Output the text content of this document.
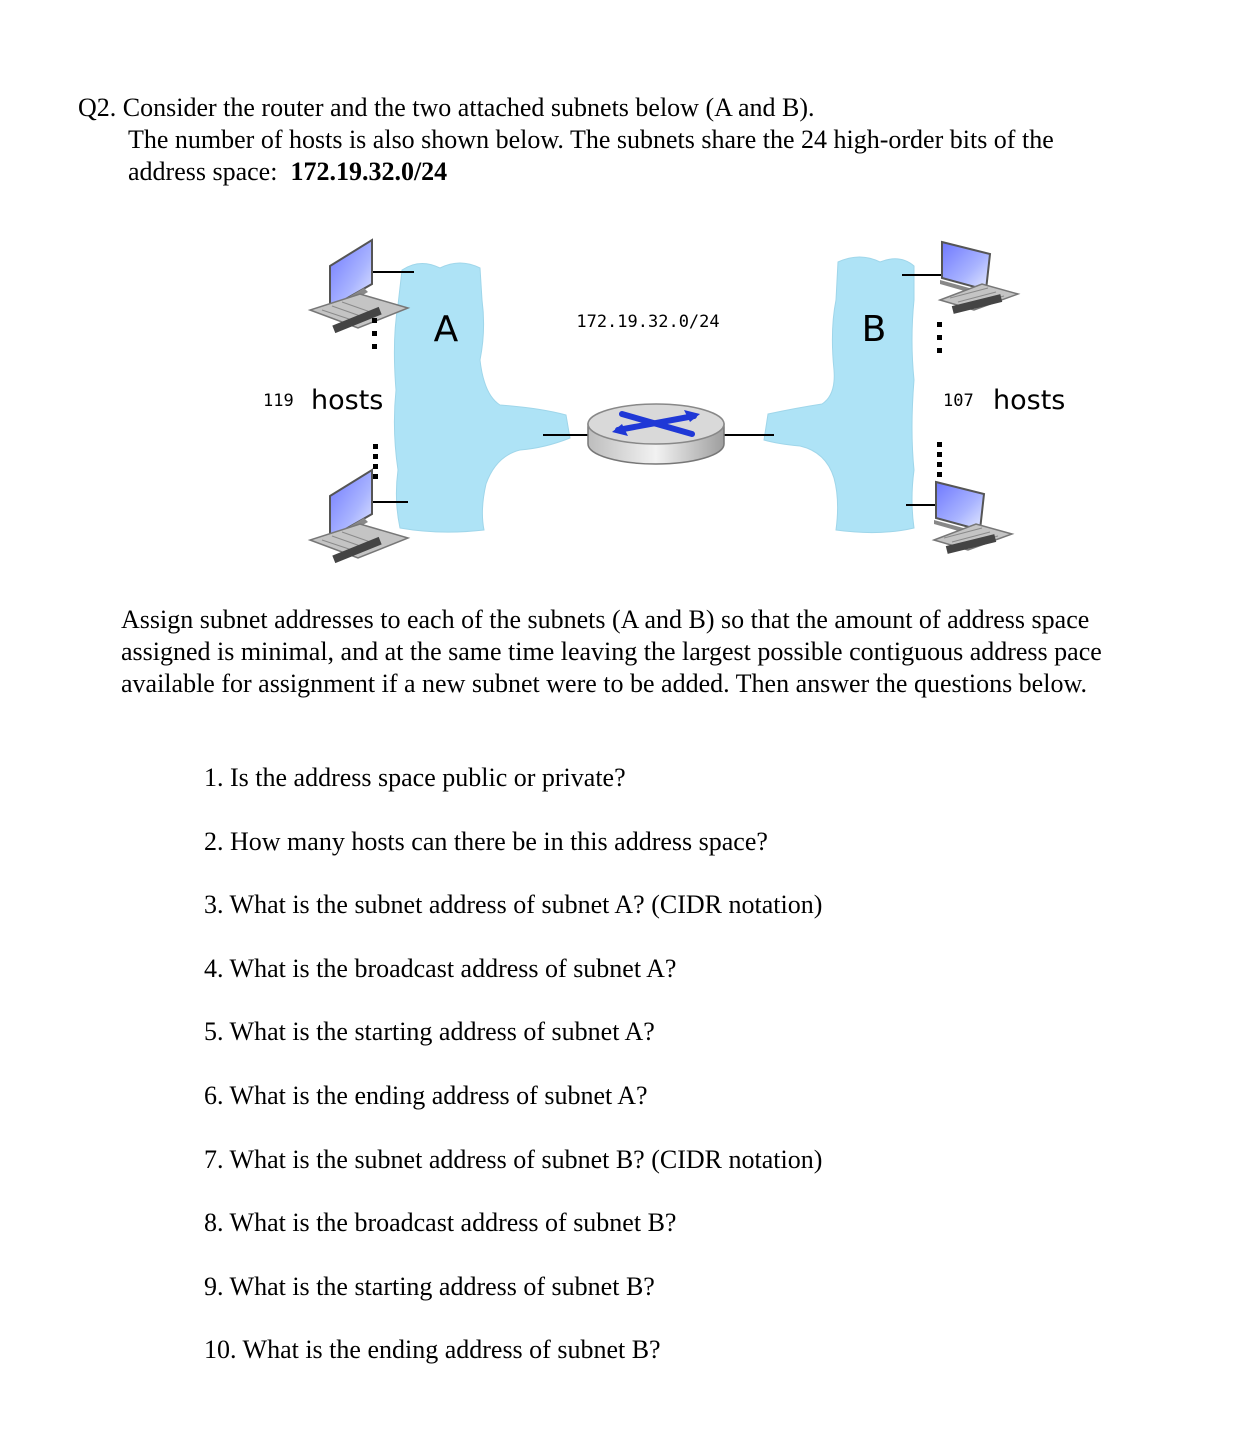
Q2. Consider the router and the two attached subnets below (A and B).
The number of hosts is also shown below. The subnets share the 24 high-order bits of the
address space: 172.19.32.0/24
A	B
172.19.32.0/24
119 hosts	107 hosts
Assign subnet addresses to each of the subnets (A and B) so that the amount of address space assigned is minimal, and at the same time leaving the largest possible contiguous address pace available for assignment if a new subnet were to be added. Then answer the questions below.
1. Is the address space public or private?
2. How many hosts can there be in this address space?
3. What is the subnet address of subnet A? (CIDR notation)
4. What is the broadcast address of subnet A?
5. What is the starting address of subnet A?
6. What is the ending address of subnet A?
7. What is the subnet address of subnet B? (CIDR notation)
8. What is the broadcast address of subnet B?
9. What is the starting address of subnet B?
10. What is the ending address of subnet B?
